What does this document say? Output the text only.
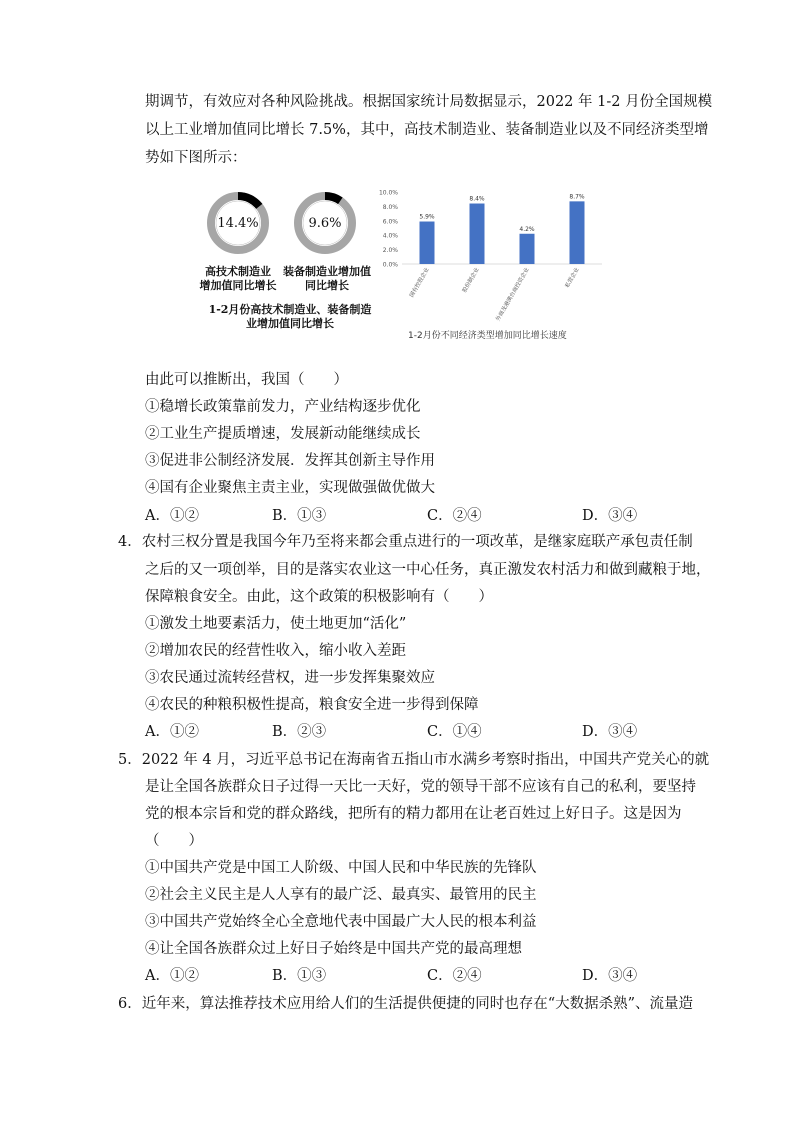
期调节，有效应对各种风险挑战。根据国家统计局数据显示，2022 年 1-2 月份全国规模
以上工业增加值同比增长 7.5%，其中，高技术制造业、装备制造业以及不同经济类型增
势如下图所示：
14.4%	9.6%
高技术制造业
增加值同比增长
装备制造业增加值
同比增长
1-2月份高技术制造业、装备制造
业增加值同比增长
0.0%
2.0%
4.0%
6.0%
8.0%
10.0%
5.9%
国有控股企业
8.4%
股份制企业
4.2%
外商及港澳台商投资企业
8.7%
私营企业
1-2月份不同经济类型增加同比增长速度
由此可以推断出，我国（　　）
①稳增长政策靠前发力，产业结构逐步优化
②工业生产提质增速，发展新动能继续成长
③促进非公制经济发展．发挥其创新主导作用
④国有企业聚焦主责主业，实现做强做优做大
A．①②	B．①③	C．②④	D．③④
4．农村三权分置是我国今年乃至将来都会重点进行的一项改革，是继家庭联产承包责任制
之后的又一项创举，目的是落实农业这一中心任务，真正激发农村活力和做到藏粮于地，
保障粮食安全。由此，这个政策的积极影响有（　　）
①激发土地要素活力，使土地更加“活化”
②增加农民的经营性收入，缩小收入差距
③农民通过流转经营权，进一步发挥集聚效应
④农民的种粮积极性提高，粮食安全进一步得到保障
A．①②	B．②③	C．①④	D．③④
5．2022 年 4 月，习近平总书记在海南省五指山市水满乡考察时指出，中国共产党关心的就
是让全国各族群众日子过得一天比一天好，党的领导干部不应该有自己的私利，要坚持
党的根本宗旨和党的群众路线，把所有的精力都用在让老百姓过上好日子。这是因为
（　　）
①中国共产党是中国工人阶级、中国人民和中华民族的先锋队
②社会主义民主是人人享有的最广泛、最真实、最管用的民主
③中国共产党始终全心全意地代表中国最广大人民的根本利益
④让全国各族群众过上好日子始终是中国共产党的最高理想
A．①②	B．①③	C．②④	D．③④
6．近年来，算法推荐技术应用给人们的生活提供便捷的同时也存在“大数据杀熟”、流量造
